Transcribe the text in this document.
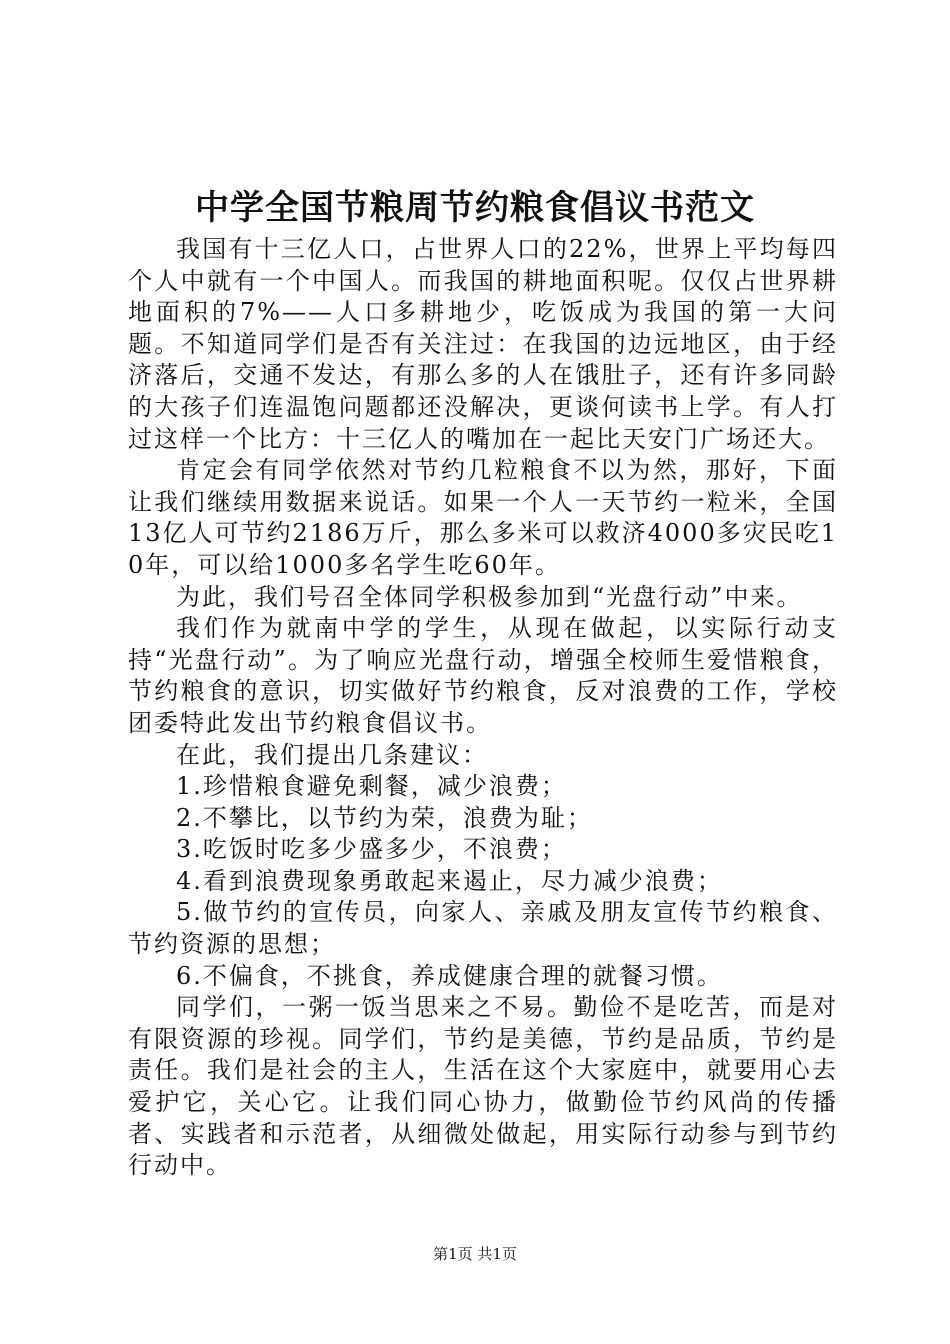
中学全国节粮周节约粮食倡议书范文

我国有十三亿人口，占世界人口的22%，世界上平均每四个人中就有一个中国人。而我国的耕地面积呢。仅仅占世界耕地面积的7%——人口多耕地少，吃饭成为我国的第一大问题。不知道同学们是否有关注过：在我国的边远地区，由于经济落后，交通不发达，有那么多的人在饿肚子，还有许多同龄的大孩子们连温饱问题都还没解决，更谈何读书上学。有人打过这样一个比方：十三亿人的嘴加在一起比天安门广场还大。

肯定会有同学依然对节约几粒粮食不以为然，那好，下面让我们继续用数据来说话。如果一个人一天节约一粒米，全国13亿人可节约2186万斤，那么多米可以救济4000多灾民吃10年，可以给1000多名学生吃60年。

为此，我们号召全体同学积极参加到“光盘行动”中来。

我们作为就南中学的学生，从现在做起，以实际行动支持“光盘行动”。为了响应光盘行动，增强全校师生爱惜粮食，节约粮食的意识，切实做好节约粮食，反对浪费的工作，学校团委特此发出节约粮食倡议书。

在此，我们提出几条建议：

1.珍惜粮食避免剩餐，减少浪费；

2.不攀比，以节约为荣，浪费为耻；

3.吃饭时吃多少盛多少，不浪费；

4.看到浪费现象勇敢起来遏止，尽力减少浪费；

5.做节约的宣传员，向家人、亲戚及朋友宣传节约粮食、节约资源的思想；

6.不偏食，不挑食，养成健康合理的就餐习惯。

同学们，一粥一饭当思来之不易。勤俭不是吃苦，而是对有限资源的珍视。同学们，节约是美德，节约是品质，节约是责任。我们是社会的主人，生活在这个大家庭中，就要用心去爱护它，关心它。让我们同心协力，做勤俭节约风尚的传播者、实践者和示范者，从细微处做起，用实际行动参与到节约行动中。

第1页 共1页
